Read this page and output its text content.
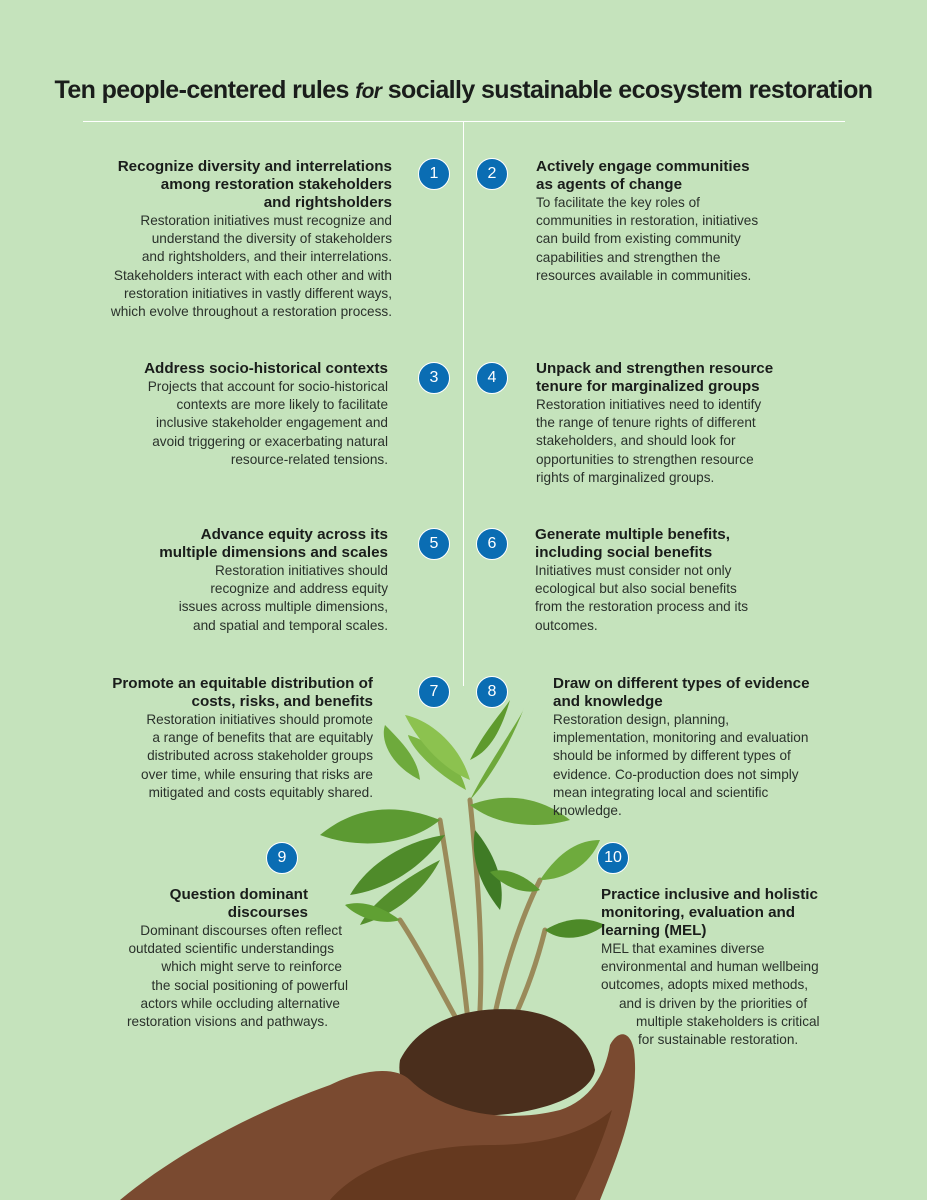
Ten people-centered rules for socially sustainable ecosystem restoration
1
Recognize diversity and interrelations
among restoration stakeholders
and rightsholders
Restoration initiatives must recognize and
understand the diversity of stakeholders
and rightsholders, and their interrelations.
Stakeholders interact with each other and with
restoration initiatives in vastly different ways,
which evolve throughout a restoration process.
2	Actively engage communities
as agents of change
To facilitate the key roles of
communities in restoration, initiatives
can build from existing community
capabilities and strengthen the
resources available in communities.
3
Address socio-historical contexts
Projects that account for socio-historical
contexts are more likely to facilitate
inclusive stakeholder engagement and
avoid triggering or exacerbating natural
resource-related tensions.
4
Unpack and strengthen resource
tenure for marginalized groups
Restoration initiatives need to identify
the range of tenure rights of different
stakeholders, and should look for
opportunities to strengthen resource
rights of marginalized groups.
5
Advance equity across its
multiple dimensions and scales
Restoration initiatives should
recognize and address equity
issues across multiple dimensions,
and spatial and temporal scales.
6
Generate multiple benefits,
including social benefits
Initiatives must consider not only
ecological but also social benefits
from the restoration process and its
outcomes.
7
Promote an equitable distribution of
costs, risks, and benefits
Restoration initiatives should promote
a range of benefits that are equitably
distributed across stakeholder groups
over time, while ensuring that risks are
mitigated and costs equitably shared.
8	Draw on different types of evidence
and knowledge
Restoration design, planning,
implementation, monitoring and evaluation
should be informed by different types of
evidence. Co-production does not simply
mean integrating local and scientific
knowledge.
9
Question dominant
discourses
Dominant discourses often reflect
outdated scientific understandings
which might serve to reinforce
the social positioning of powerful
actors while occluding alternative
restoration visions and pathways.
10
Practice inclusive and holistic
monitoring, evaluation and
learning (MEL)
MEL that examines diverse
environmental and human wellbeing
outcomes, adopts mixed methods,
and is driven by the priorities of
multiple stakeholders is critical
for sustainable restoration.
